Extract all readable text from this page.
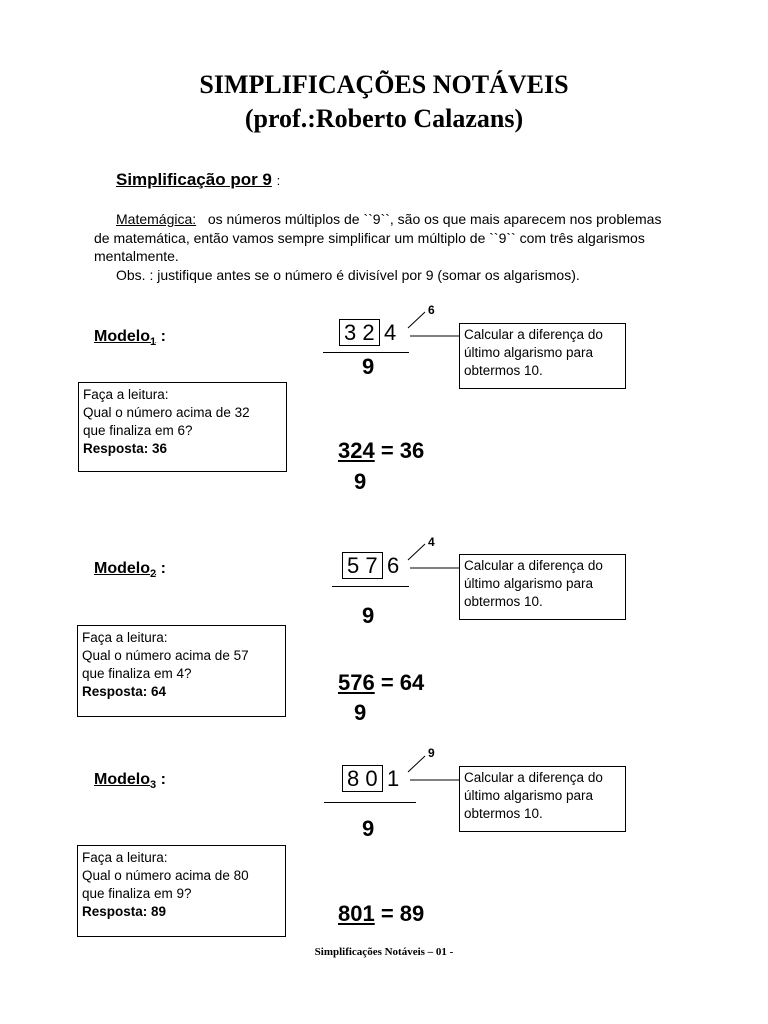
SIMPLIFICAÇÕES NOTÁVEIS
(prof.:Roberto Calazans)
Simplificação por 9 :
Matemágica:   os números múltiplos de ``9``, são os que mais aparecem nos problemas
de matemática, então vamos sempre simplificar um múltiplo de ``9`` com três algarismos
mentalmente.
Obs. : justifique antes se o número é divisível por 9 (somar os algarismos).
Modelo$_1$ :	3 2 4
6
9
Calcular a diferença do
último algarismo para
obtermos 10.
Faça a leitura:
Qual o número acima de 32
que finaliza em 6?
Resposta: 36	324 = 36
9
Modelo$_2$ :	5 7 6
4
9
Calcular a diferença do
último algarismo para
obtermos 10.
Faça a leitura:
Qual o número acima de 57
que finaliza em 4?
Resposta: 64	576 = 64
9
Modelo$_3$ :	8 0 1
9
9
Calcular a diferença do
último algarismo para
obtermos 10.
Faça a leitura:
Qual o número acima de 80
que finaliza em 9?
Resposta: 89	801 = 89
Simplificações Notáveis – 01 -
